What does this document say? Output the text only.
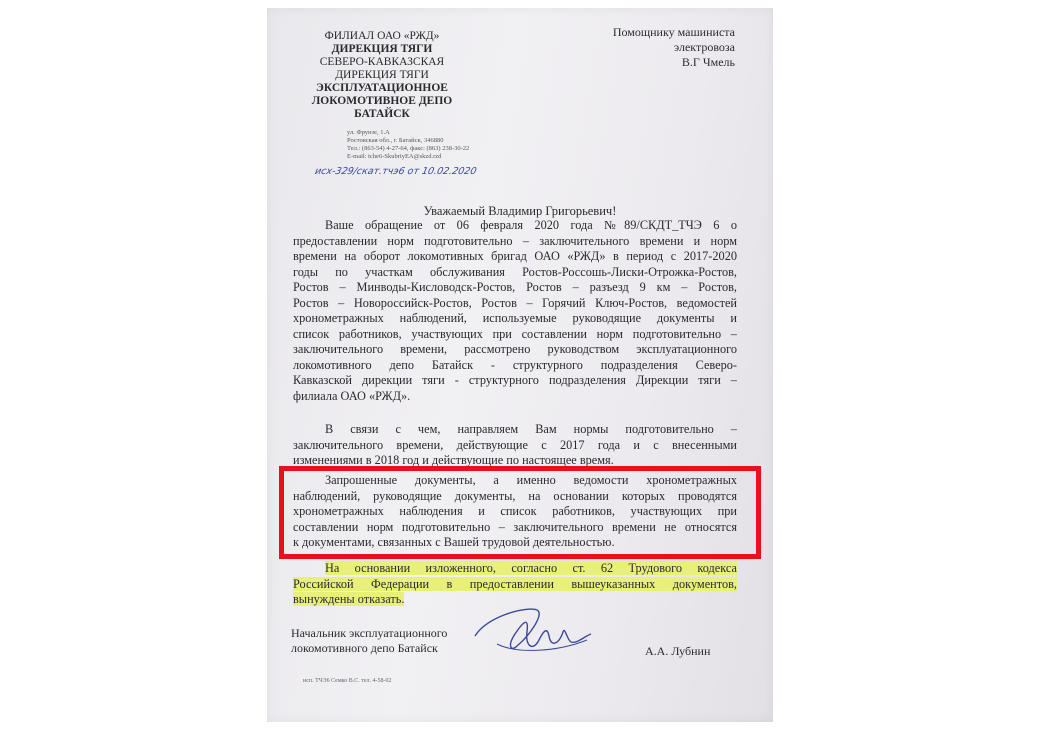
ФИЛИАЛ ОАО «РЖД»
ДИРЕКЦИЯ ТЯГИ
СЕВЕРО-КАВКАЗСКАЯ
ДИРЕКЦИЯ ТЯГИ
ЭКСПЛУАТАЦИОННОЕ
ЛОКОМОТИВНОЕ ДЕПО
БАТАЙСК
ул. Фрунзе, 1.А
Ростовская обл., г. Батайск, 346880
Тел.: (863-54) 4-27-64, факс: (863) 238-30-22
E-mail: tche6-SkubriyEA@skzd.rzd
исх-329/скат.тчэ6 от 10.02.2020
Помощнику машиниста
электровоза
В.Г Чмель
Уважаемый Владимир Григорьевич!
Ваше обращение от 06 февраля 2020 года №89/СКДТ_ТЧЭ 6 о
предоставлении норм подготовительно – заключительного времени и норм
времени на оборот локомотивных бригад ОАО «РЖД» в период с 2017-2020
годы по участкам обслуживания Ростов-Россошь-Лиски-Отрожка-Ростов,
Ростов – Минводы-Кисловодск-Ростов, Ростов – разъезд 9 км – Ростов,
Ростов – Новороссийск-Ростов, Ростов – Горячий Ключ-Ростов, ведомостей
хронометражных наблюдений, используемые руководящие документы и
список работников, участвующих при составлении норм подготовительно –
заключительного времени, рассмотрено руководством эксплуатационного
локомотивного депо Батайск - структурного подразделения Северо-
Кавказской дирекции тяги - структурного подразделения Дирекции тяги –
филиала ОАО «РЖД».
В связи с чем, направляем Вам нормы подготовительно –
заключительного времени, действующие с 2017 года и с внесенными
изменениями в 2018 год и действующие по настоящее время.
Запрошенные документы, а именно ведомости хронометражных
наблюдений, руководящие документы, на основании которых проводятся
хронометражных наблюдения и список работников, участвующих при
составлении норм подготовительно – заключительного времени не относятся
к документами, связанных с Вашей трудовой деятельностью.
На основании изложенного, согласно ст. 62 Трудового кодекса
Российской Федерации в предоставлении вышеуказанных документов,
вынуждены отказать.
Начальник эксплуатационного
локомотивного депо Батайск	А.А. Лубнин
исп. ТЧЭ6 Семко В.С. тел. 4-58-02
